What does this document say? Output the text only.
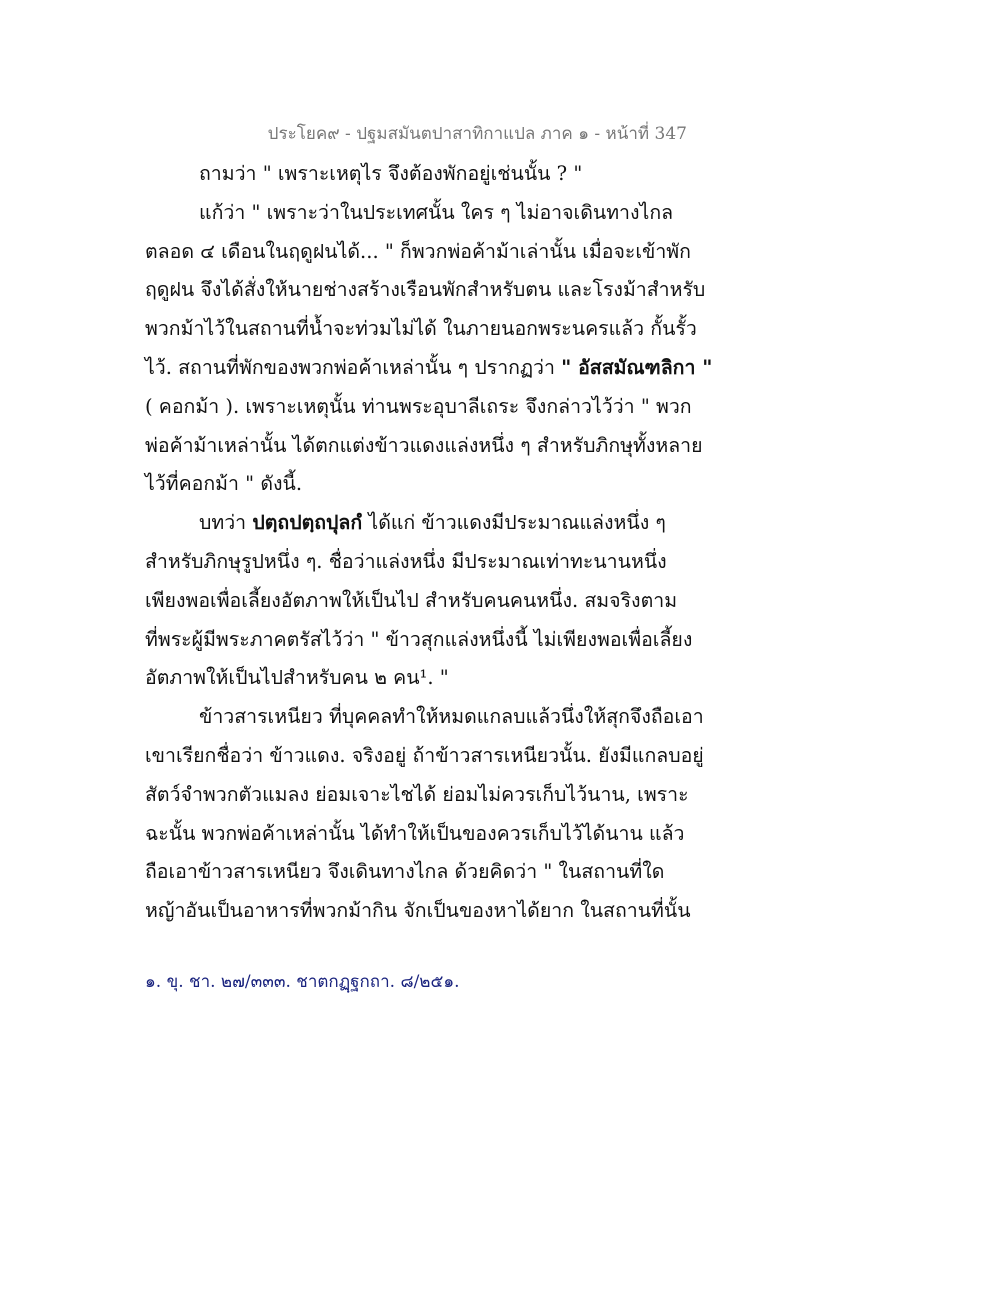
ประโยค๙ - ปฐมสมันตปาสาทิกาแปล ภาค ๑ - หน้าที่ 347
ถามว่า " เพราะเหตุไร จึงต้องพักอยู่เช่นนั้น ? "
แก้ว่า " เพราะว่าในประเทศนั้น ใคร ๆ ไม่อาจเดินทางไกล
ตลอด ๔ เดือนในฤดูฝนได้... " ก็พวกพ่อค้าม้าเล่านั้น เมื่อจะเข้าพัก
ฤดูฝน จึงได้สั่งให้นายช่างสร้างเรือนพักสำหรับตน และโรงม้าสำหรับ
พวกม้าไว้ในสถานที่น้ำจะท่วมไม่ได้ ในภายนอกพระนครแล้ว กั้นรั้ว
ไว้. สถานที่พักของพวกพ่อค้าเหล่านั้น ๆ ปรากฏว่า " อัสสมัณฑลิกา "
( คอกม้า ). เพราะเหตุนั้น ท่านพระอุบาลีเถระ จึงกล่าวไว้ว่า " พวก
พ่อค้าม้าเหล่านั้น ได้ตกแต่งข้าวแดงแล่งหนึ่ง ๆ สำหรับภิกษุทั้งหลาย
ไว้ที่คอกม้า " ดังนี้.
บทว่า ปตฺถปตฺถปุลกํ ได้แก่ ข้าวแดงมีประมาณแล่งหนึ่ง ๆ
สำหรับภิกษุรูปหนึ่ง ๆ. ชื่อว่าแล่งหนึ่ง มีประมาณเท่าทะนานหนึ่ง
เพียงพอเพื่อเลี้ยงอัตภาพให้เป็นไป สำหรับคนคนหนึ่ง. สมจริงตาม
ที่พระผู้มีพระภาคตรัสไว้ว่า " ข้าวสุกแล่งหนึ่งนี้ ไม่เพียงพอเพื่อเลี้ยง
อัตภาพให้เป็นไปสำหรับคน ๒ คน¹. "
ข้าวสารเหนียว ที่บุคคลทำให้หมดแกลบแล้วนึ่งให้สุกจึงถือเอา
เขาเรียกชื่อว่า ข้าวแดง. จริงอยู่ ถ้าข้าวสารเหนียวนั้น. ยังมีแกลบอยู่
สัตว์จำพวกตัวแมลง ย่อมเจาะไชได้ ย่อมไม่ควรเก็บไว้นาน, เพราะ
ฉะนั้น พวกพ่อค้าเหล่านั้น ได้ทำให้เป็นของควรเก็บไว้ได้นาน แล้ว
ถือเอาข้าวสารเหนียว จึงเดินทางไกล ด้วยคิดว่า " ในสถานที่ใด
หญ้าอันเป็นอาหารที่พวกม้ากิน จักเป็นของหาได้ยาก ในสถานที่นั้น
๑. ขุ. ชา. ๒๗/๓๓๓. ชาตกฏฺฐกถา. ๘/๒๕๑.
